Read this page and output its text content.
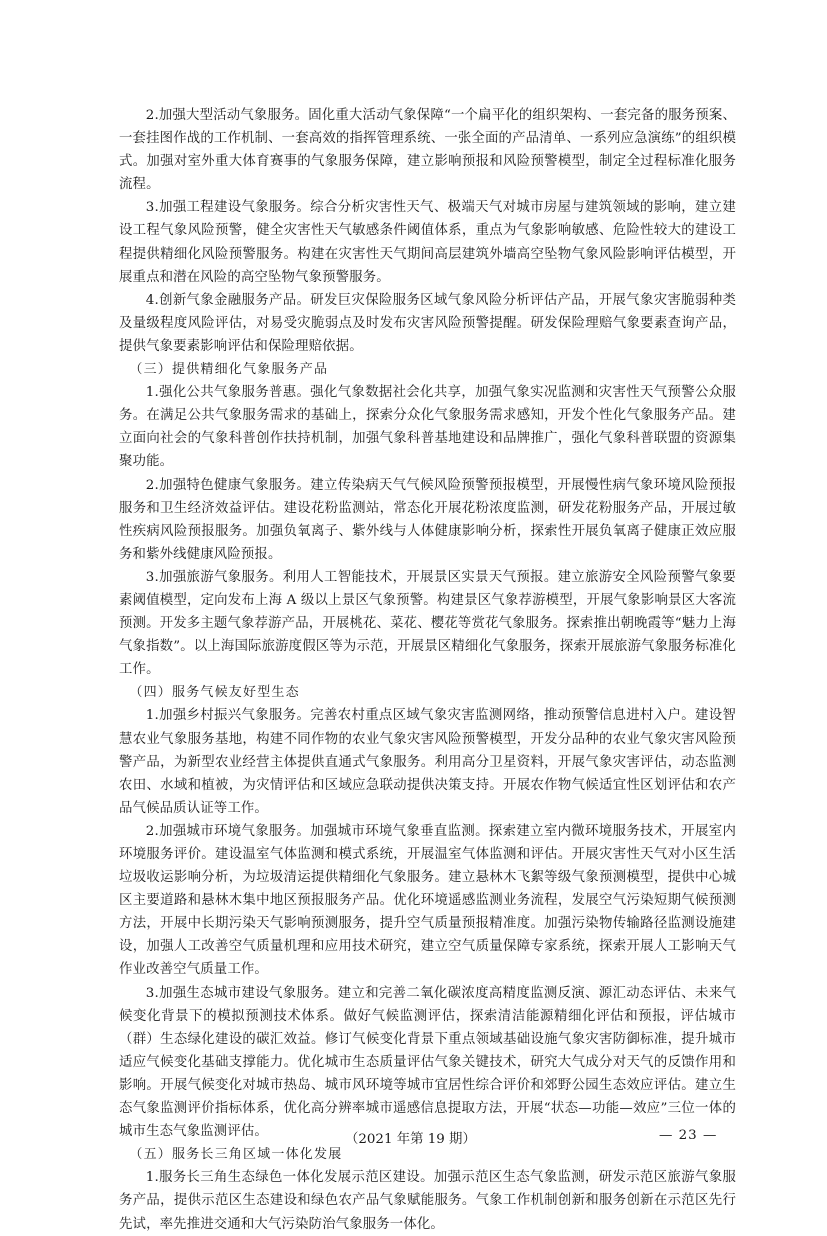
2.加强大型活动气象服务。固化重大活动气象保障“一个扁平化的组织架构、一套完备的服务预案、一套挂图作战的工作机制、一套高效的指挥管理系统、一张全面的产品清单、一系列应急演练”的组织模式。加强对室外重大体育赛事的气象服务保障，建立影响预报和风险预警模型，制定全过程标准化服务流程。

3.加强工程建设气象服务。综合分析灾害性天气、极端天气对城市房屋与建筑领域的影响，建立建设工程气象风险预警，健全灾害性天气敏感条件阈值体系，重点为气象影响敏感、危险性较大的建设工程提供精细化风险预警服务。构建在灾害性天气期间高层建筑外墙高空坠物气象风险影响评估模型，开展重点和潜在风险的高空坠物气象预警服务。

4.创新气象金融服务产品。研发巨灾保险服务区域气象风险分析评估产品，开展气象灾害脆弱种类及量级程度风险评估，对易受灾脆弱点及时发布灾害风险预警提醒。研发保险理赔气象要素查询产品，提供气象要素影响评估和保险理赔依据。

（三）提供精细化气象服务产品

1.强化公共气象服务普惠。强化气象数据社会化共享，加强气象实况监测和灾害性天气预警公众服务。在满足公共气象服务需求的基础上，探索分众化气象服务需求感知，开发个性化气象服务产品。建立面向社会的气象科普创作扶持机制，加强气象科普基地建设和品牌推广，强化气象科普联盟的资源集聚功能。

2.加强特色健康气象服务。建立传染病天气气候风险预警预报模型，开展慢性病气象环境风险预报服务和卫生经济效益评估。建设花粉监测站，常态化开展花粉浓度监测，研发花粉服务产品，开展过敏性疾病风险预报服务。加强负氧离子、紫外线与人体健康影响分析，探索性开展负氧离子健康正效应服务和紫外线健康风险预报。

3.加强旅游气象服务。利用人工智能技术，开展景区实景天气预报。建立旅游安全风险预警气象要素阈值模型，定向发布上海 A 级以上景区气象预警。构建景区气象荐游模型，开展气象影响景区大客流预测。开发多主题气象荐游产品，开展桃花、菜花、樱花等赏花气象服务。探索推出朝晚霞等“魅力上海气象指数”。以上海国际旅游度假区等为示范，开展景区精细化气象服务，探索开展旅游气象服务标准化工作。

（四）服务气候友好型生态

1.加强乡村振兴气象服务。完善农村重点区域气象灾害监测网络，推动预警信息进村入户。建设智慧农业气象服务基地，构建不同作物的农业气象灾害风险预警模型，开发分品种的农业气象灾害风险预警产品，为新型农业经营主体提供直通式气象服务。利用高分卫星资料，开展气象灾害评估，动态监测农田、水域和植被，为灾情评估和区域应急联动提供决策支持。开展农作物气候适宜性区划评估和农产品气候品质认证等工作。

2.加强城市环境气象服务。加强城市环境气象垂直监测。探索建立室内微环境服务技术，开展室内环境服务评价。建设温室气体监测和模式系统，开展温室气体监测和评估。开展灾害性天气对小区生活垃圾收运影响分析，为垃圾清运提供精细化气象服务。建立悬林木飞絮等级气象预测模型，提供中心城区主要道路和悬林木集中地区预报服务产品。优化环境遥感监测业务流程，发展空气污染短期气候预测方法，开展中长期污染天气影响预测服务，提升空气质量预报精准度。加强污染物传输路径监测设施建设，加强人工改善空气质量机理和应用技术研究，建立空气质量保障专家系统，探索开展人工影响天气作业改善空气质量工作。

3.加强生态城市建设气象服务。建立和完善二氧化碳浓度高精度监测反演、源汇动态评估、未来气候变化背景下的模拟预测技术体系。做好气候监测评估，探索清洁能源精细化评估和预报，评估城市（群）生态绿化建设的碳汇效益。修订气候变化背景下重点领域基础设施气象灾害防御标准，提升城市适应气候变化基础支撑能力。优化城市生态质量评估气象关键技术，研究大气成分对天气的反馈作用和影响。开展气候变化对城市热岛、城市风环境等城市宜居性综合评价和郊野公园生态效应评估。建立生态气象监测评价指标体系，优化高分辨率城市遥感信息提取方法，开展“状态—功能—效应”三位一体的城市生态气象监测评估。

（五）服务长三角区域一体化发展

1.服务长三角生态绿色一体化发展示范区建设。加强示范区生态气象监测，研发示范区旅游气象服务产品，提供示范区生态建设和绿色农产品气象赋能服务。气象工作机制创新和服务创新在示范区先行先试，率先推进交通和大气污染防治气象服务一体化。

（2021 年第 19 期）	— 23 —
